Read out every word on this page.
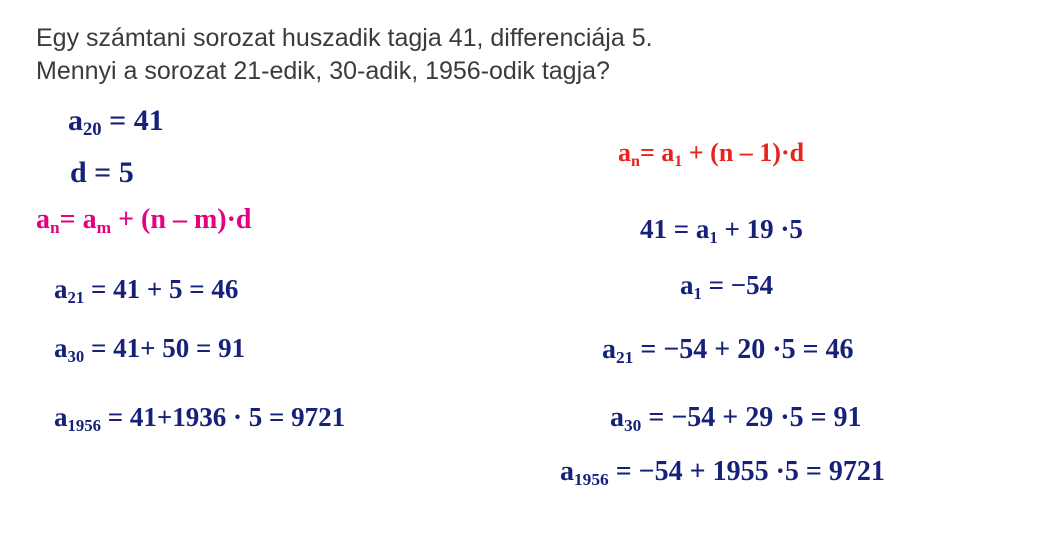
Egy számtani sorozat huszadik tagja 41, differenciája 5. Mennyi a sorozat 21-edik, 30-adik, 1956-odik tagja?
$a_{20} = 41$
d = 5
$a_n= a_m + (n - m)\cdot d$
$a_{21} = 41 + 5 = 46$
$a_{30} = 41+ 50 = 91$
$a_{1956} = 41+1936 \cdot 5 = 9721$
$a_n= a_1 + (n - 1)\cdot d$
$41 = a_1 + 19 \cdot 5$
$a_1 = -54$
$a_{21} = -54 + 20 \cdot 5 = 46$
$a_{30} = -54 + 29 \cdot 5 = 91$
$a_{1956} = -54 + 1955 \cdot 5 = 9721$
